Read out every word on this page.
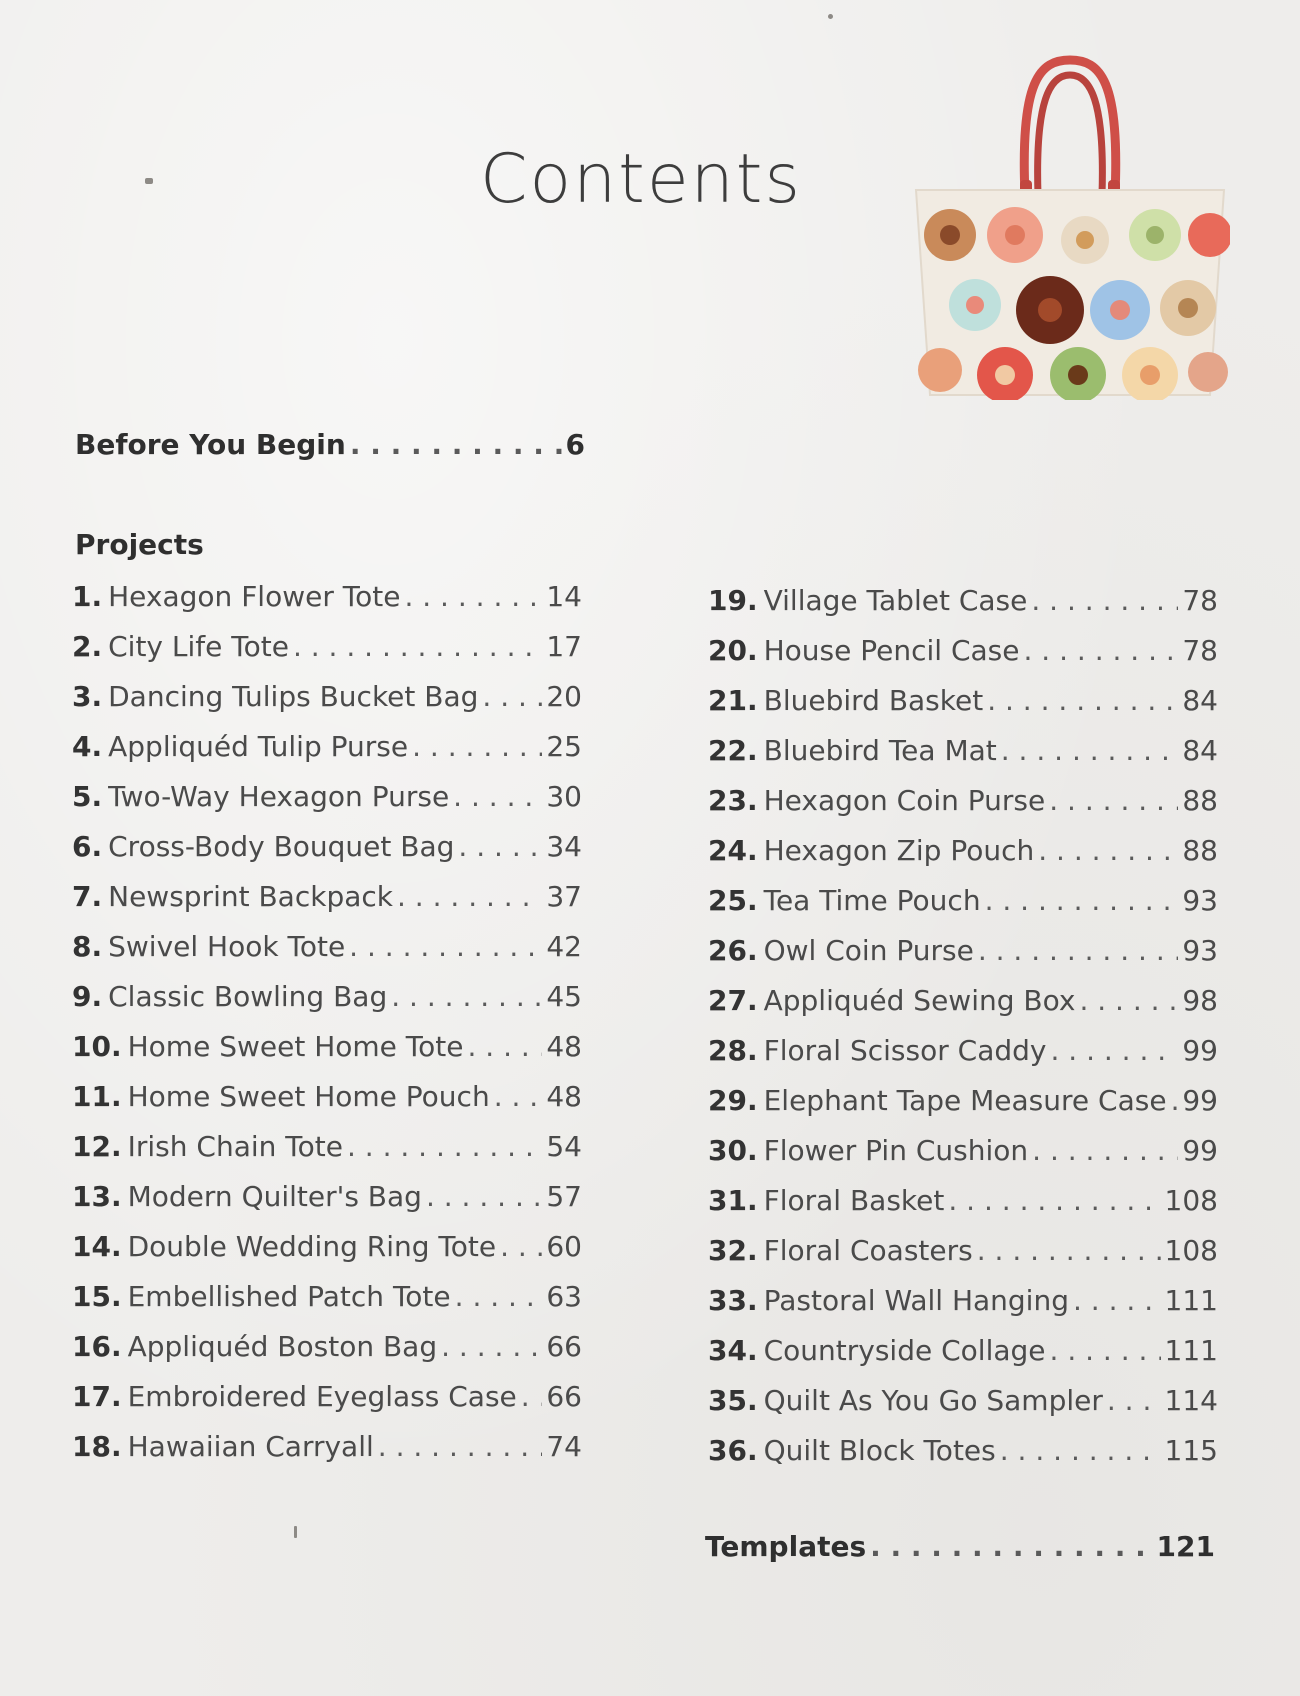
Contents
Before You Begin . . .	6
Projects
1. Hexagon Flower Tote . . .	14
2. City Life Tote . . .	17
3. Dancing Tulips Bucket Bag . . . 20
4. Appliquéd Tulip Purse . . .	25
5. Two-Way Hexagon Purse . . .	30
6. Cross-Body Bouquet Bag . . .	34
7. Newsprint Backpack . . .	37
8. Swivel Hook Tote . . .	42
9. Classic Bowling Bag . . .	45
10. Home Sweet Home Tote . . .	48
11. Home Sweet Home Pouch . . . 48
12. Irish Chain Tote . . .	54
13. Modern Quilter's Bag . . .	57
14. Double Wedding Ring Tote . . . 60
15. Embellished Patch Tote . . .	63
16. Appliquéd Boston Bag . . .	66
17. Embroidered Eyeglass Case . . . 66
18. Hawaiian Carryall . . .	74
19. Village Tablet Case . . .	78
20. House Pencil Case . . .	78
21. Bluebird Basket . . .	84
22. Bluebird Tea Mat . . .	84
23. Hexagon Coin Purse . . .	88
24. Hexagon Zip Pouch . . .	88
25. Tea Time Pouch . . .	93
26. Owl Coin Purse . . .	93
27. Appliquéd Sewing Box . . .	98
28. Floral Scissor Caddy . . .	99
29. Elephant Tape Measure Case . . . 99
30. Flower Pin Cushion . . .	99
31. Floral Basket . . .	108
32. Floral Coasters . . .	108
33. Pastoral Wall Hanging . . .	111
34. Countryside Collage . . .	111
35. Quilt As You Go Sampler . . . 114
36. Quilt Block Totes . . .	115
Templates . . .	121
